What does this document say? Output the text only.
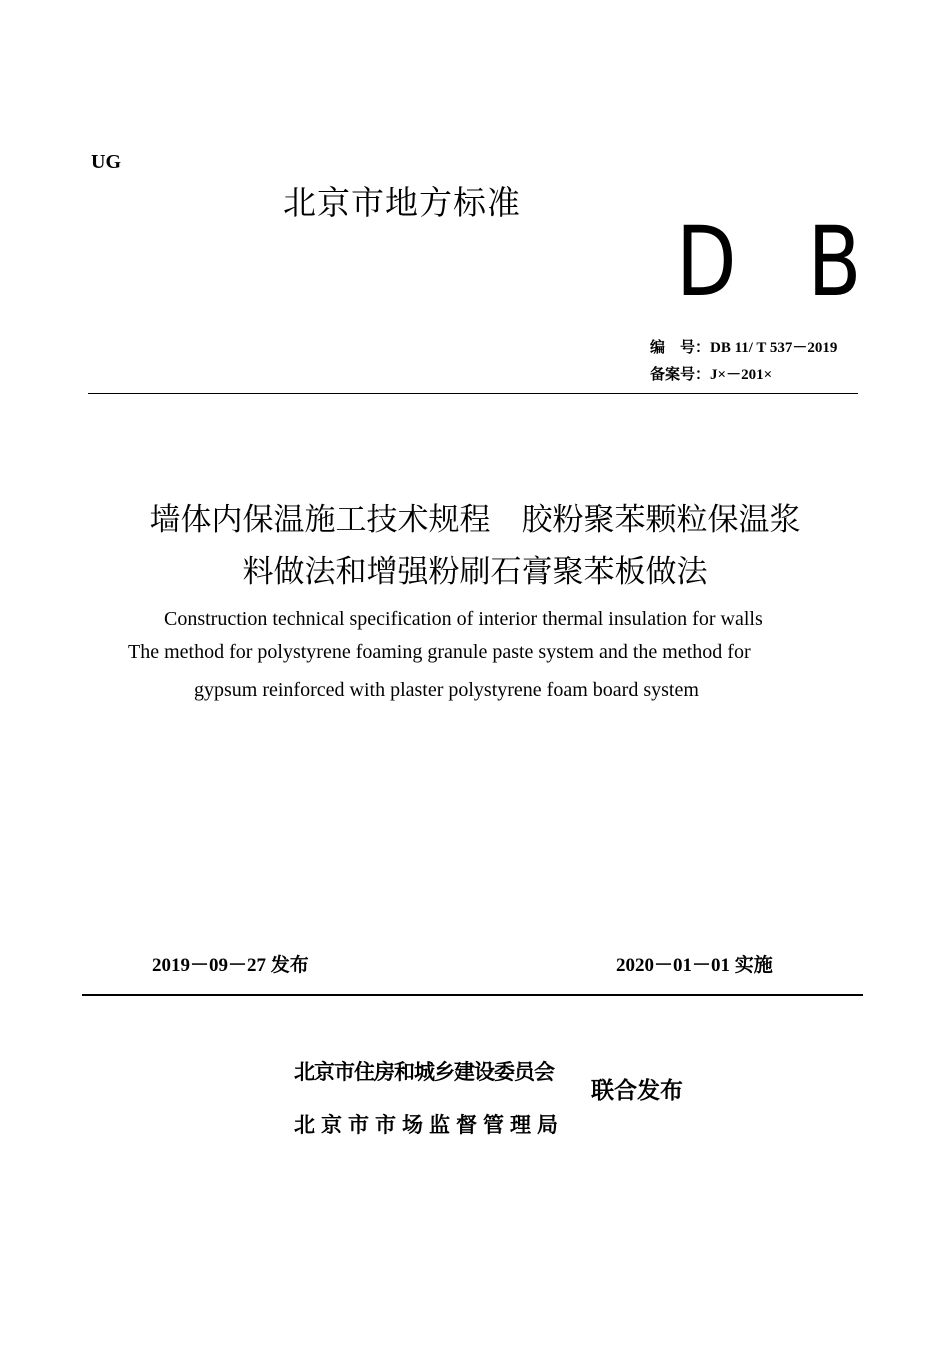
UG
北京市地方标准
D B
编　号：DB 11/ T 537－2019
备案号：J×－201×
墙体内保温施工技术规程　胶粉聚苯颗粒保温浆
料做法和增强粉刷石膏聚苯板做法
Construction technical specification of interior thermal insulation for walls
The method for polystyrene foaming granule paste system and the method for
gypsum reinforced with plaster polystyrene foam board system
2019－09－27 发布	2020－01－01 实施
北京市住房和城乡建设委员会
北京市市场监督管理局
联合发布
